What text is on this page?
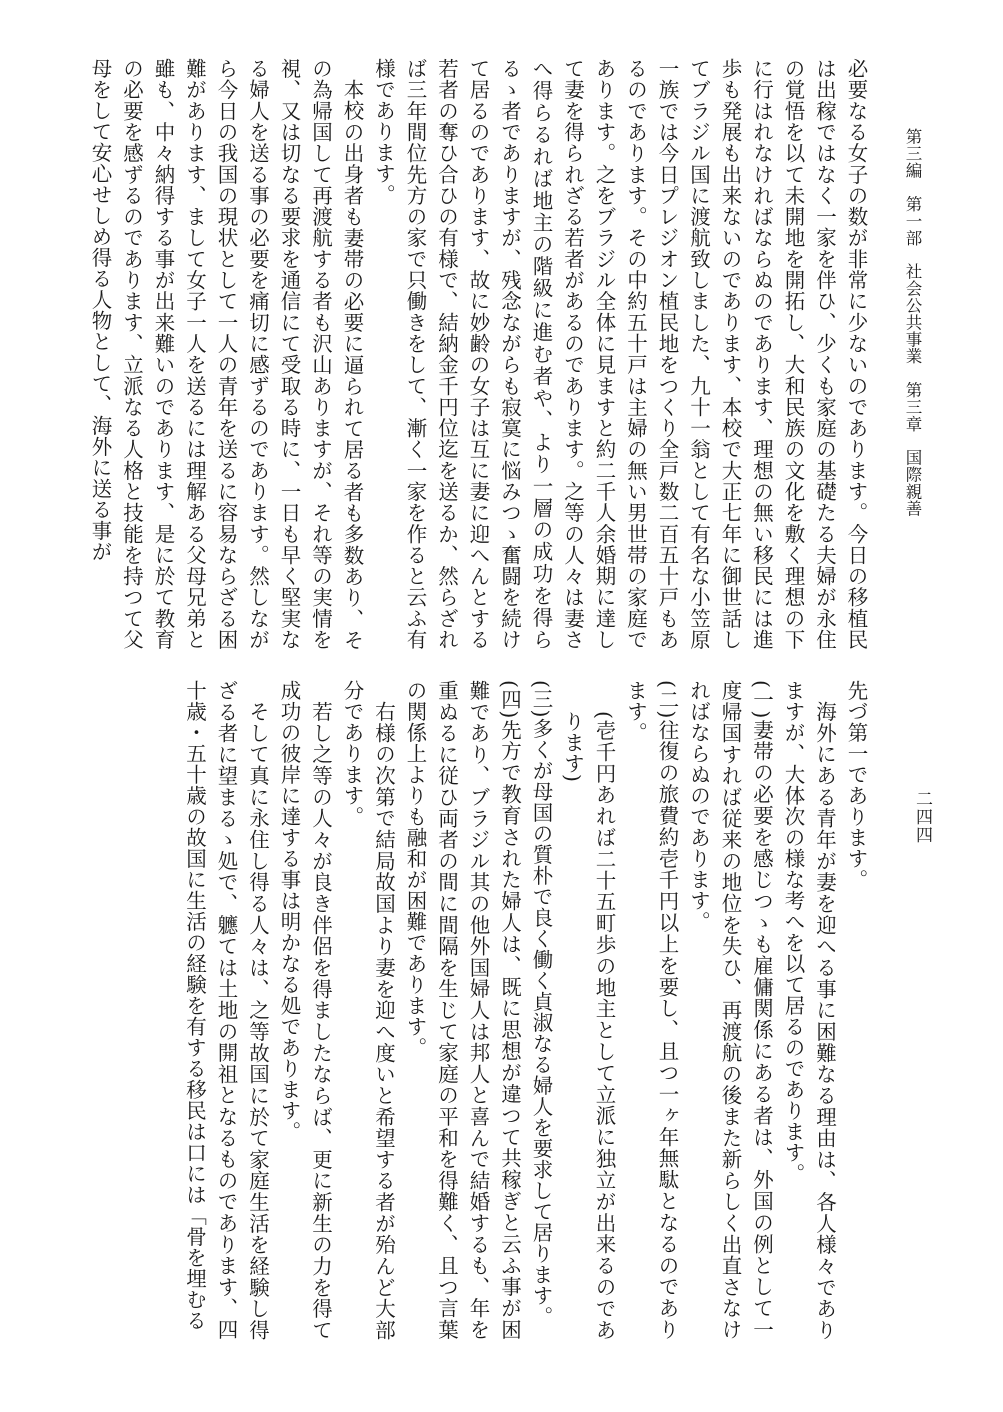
第三編　第一部　社会公共事業　第三章　国際親善
二四四

必要なる女子の数が非常に少ないのであります。今日の移植民は出稼ではなく一家を伴ひ、少くも家庭の基礎たる夫婦が永住の覚悟を以て未開地を開拓し、大和民族の文化を敷く理想の下に行はれなければならぬのであります、理想の無い移民には進歩も発展も出来ないのであります、本校で大正七年に御世話してブラジル国に渡航致しました、九十一翁として有名な小笠原一族では今日プレジオン植民地をつくり全戸数二百五十戸もあるのであります。その中約五十戸は主婦の無い男世帯の家庭であります。之をブラジル全体に見ますと約二千人余婚期に達して妻を得られざる若者があるのであります。之等の人々は妻さへ得らるれば地主の階級に進む者や、より一層の成功を得らるゝ者でありますが、残念ながらも寂寞に悩みつゝ奮闘を続けて居るのであります、故に妙齢の女子は互に妻に迎へんとする若者の奪ひ合ひの有様で、結納金千円位迄を送るか、然らざれば三年間位先方の家で只働きをして、漸く一家を作ると云ふ有様であります。

本校の出身者も妻帯の必要に逼られて居る者も多数あり、その為帰国して再渡航する者も沢山ありますが、それ等の実情を視、又は切なる要求を通信にて受取る時に、一日も早く堅実なる婦人を送る事の必要を痛切に感ずるのであります。然しながら今日の我国の現状として一人の青年を送るに容易ならざる困難があります、まして女子一人を送るには理解ある父母兄弟と雖も、中々納得する事が出来難いのであります、是に於て教育の必要を感ずるのであります、立派なる人格と技能を持つて父母をして安心せしめ得る人物として、海外に送る事が

先づ第一であります。

海外にある青年が妻を迎へる事に困難なる理由は、各人様々でありますが、大体次の様な考へを以て居るのであります。

(一)妻帯の必要を感じつゝも雇傭関係にある者は、外国の例として一度帰国すれば従来の地位を失ひ、再渡航の後また新らしく出直さなければならぬのであります。

(二)往復の旅費約壱千円以上を要し、且つ一ヶ年無駄となるのであります。

(壱千円あれば二十五町歩の地主として立派に独立が出来るのであります)

(三)多くが母国の質朴で良く働く貞淑なる婦人を要求して居ります。

(四)先方で教育された婦人は、既に思想が違つて共稼ぎと云ふ事が困難であり、ブラジル其の他外国婦人は邦人と喜んで結婚するも、年を重ぬるに従ひ両者の間に間隔を生じて家庭の平和を得難く、且つ言葉の関係上よりも融和が困難であります。

右様の次第で結局故国より妻を迎へ度いと希望する者が殆んど大部分であります。

若し之等の人々が良き伴侶を得ましたならば、更に新生の力を得て成功の彼岸に達する事は明かなる処であります。

そして真に永住し得る人々は、之等故国に於て家庭生活を経験し得ざる者に望まるゝ処で、軈ては土地の開祖となるものであります、四十歳・五十歳の故国に生活の経験を有する移民は口には「骨を埋むる
